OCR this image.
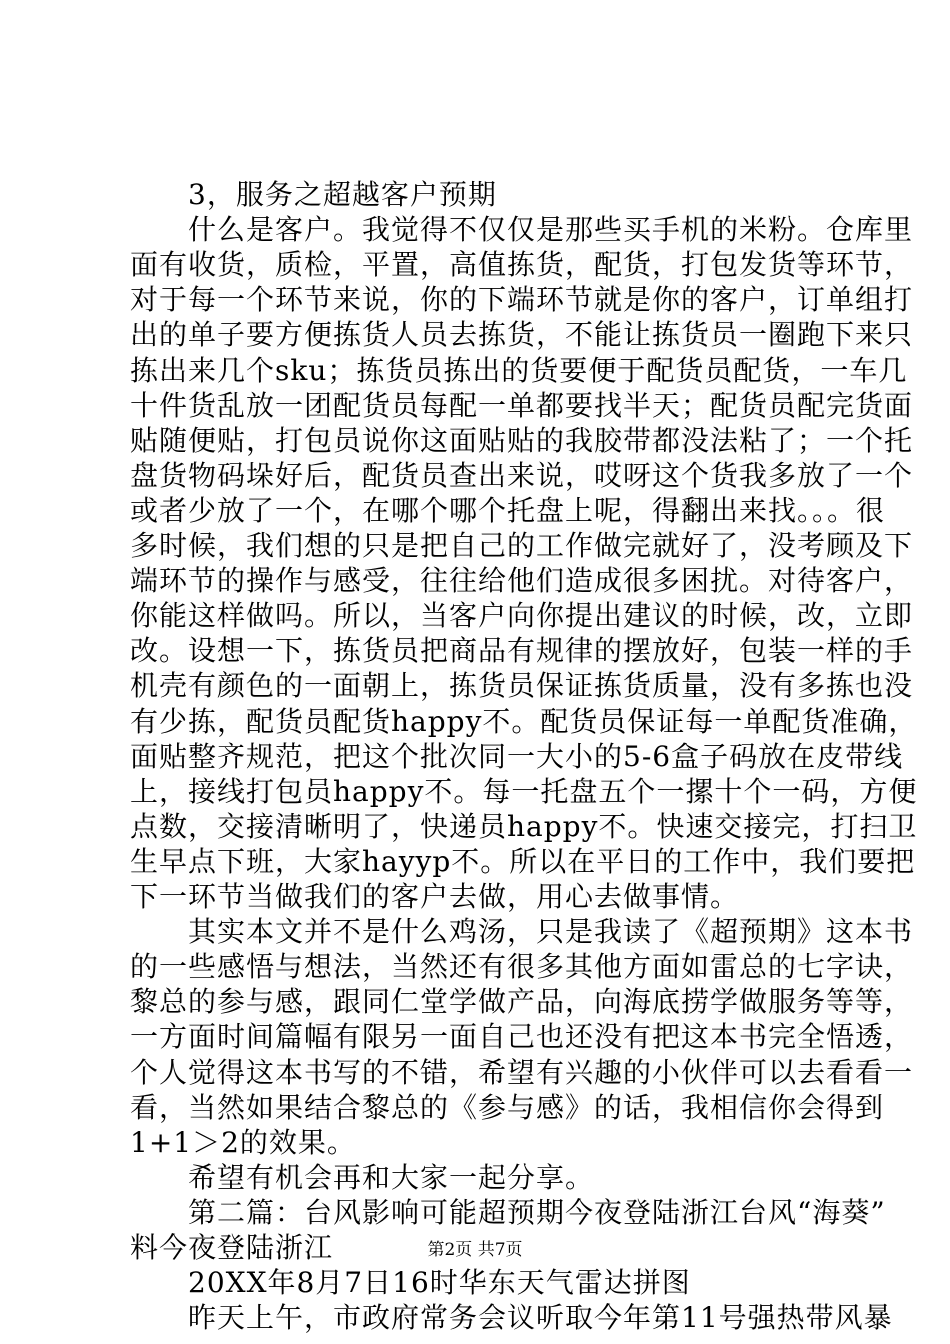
　　3，服务之超越客户预期
　　什么是客户。我觉得不仅仅是那些买手机的米粉。仓库里
面有收货，质检，平置，高值拣货，配货，打包发货等环节，
对于每一个环节来说，你的下端环节就是你的客户，订单组打
出的单子要方便拣货人员去拣货，不能让拣货员一圈跑下来只
拣出来几个sku；拣货员拣出的货要便于配货员配货，一车几
十件货乱放一团配货员每配一单都要找半天；配货员配完货面
贴随便贴，打包员说你这面贴贴的我胶带都没法粘了；一个托
盘货物码垛好后，配货员查出来说，哎呀这个货我多放了一个
或者少放了一个，在哪个哪个托盘上呢，得翻出来找。。。很
多时候，我们想的只是把自己的工作做完就好了，没考顾及下
端环节的操作与感受，往往给他们造成很多困扰。对待客户，
你能这样做吗。所以，当客户向你提出建议的时候，改，立即
改。设想一下，拣货员把商品有规律的摆放好，包装一样的手
机壳有颜色的一面朝上，拣货员保证拣货质量，没有多拣也没
有少拣，配货员配货happy不。配货员保证每一单配货准确，
面贴整齐规范，把这个批次同一大小的5-6盒子码放在皮带线
上，接线打包员happy不。每一托盘五个一摞十个一码，方便
点数，交接清晰明了，快递员happy不。快速交接完，打扫卫
生早点下班，大家hayyp不。所以在平日的工作中，我们要把
下一环节当做我们的客户去做，用心去做事情。
　　其实本文并不是什么鸡汤，只是我读了《超预期》这本书
的一些感悟与想法，当然还有很多其他方面如雷总的七字诀，
黎总的参与感，跟同仁堂学做产品，向海底捞学做服务等等，
一方面时间篇幅有限另一面自己也还没有把这本书完全悟透，
个人觉得这本书写的不错，希望有兴趣的小伙伴可以去看看一
看，当然如果结合黎总的《参与感》的话，我相信你会得到
1+1＞2的效果。
　　希望有机会再和大家一起分享。
　　第二篇：台风影响可能超预期今夜登陆浙江台风“海葵”
料今夜登陆浙江
　　20XX年8月7日16时华东天气雷达拼图
　　昨天上午，市政府常务会议听取今年第11号强热带风暴
第2页 共7页
